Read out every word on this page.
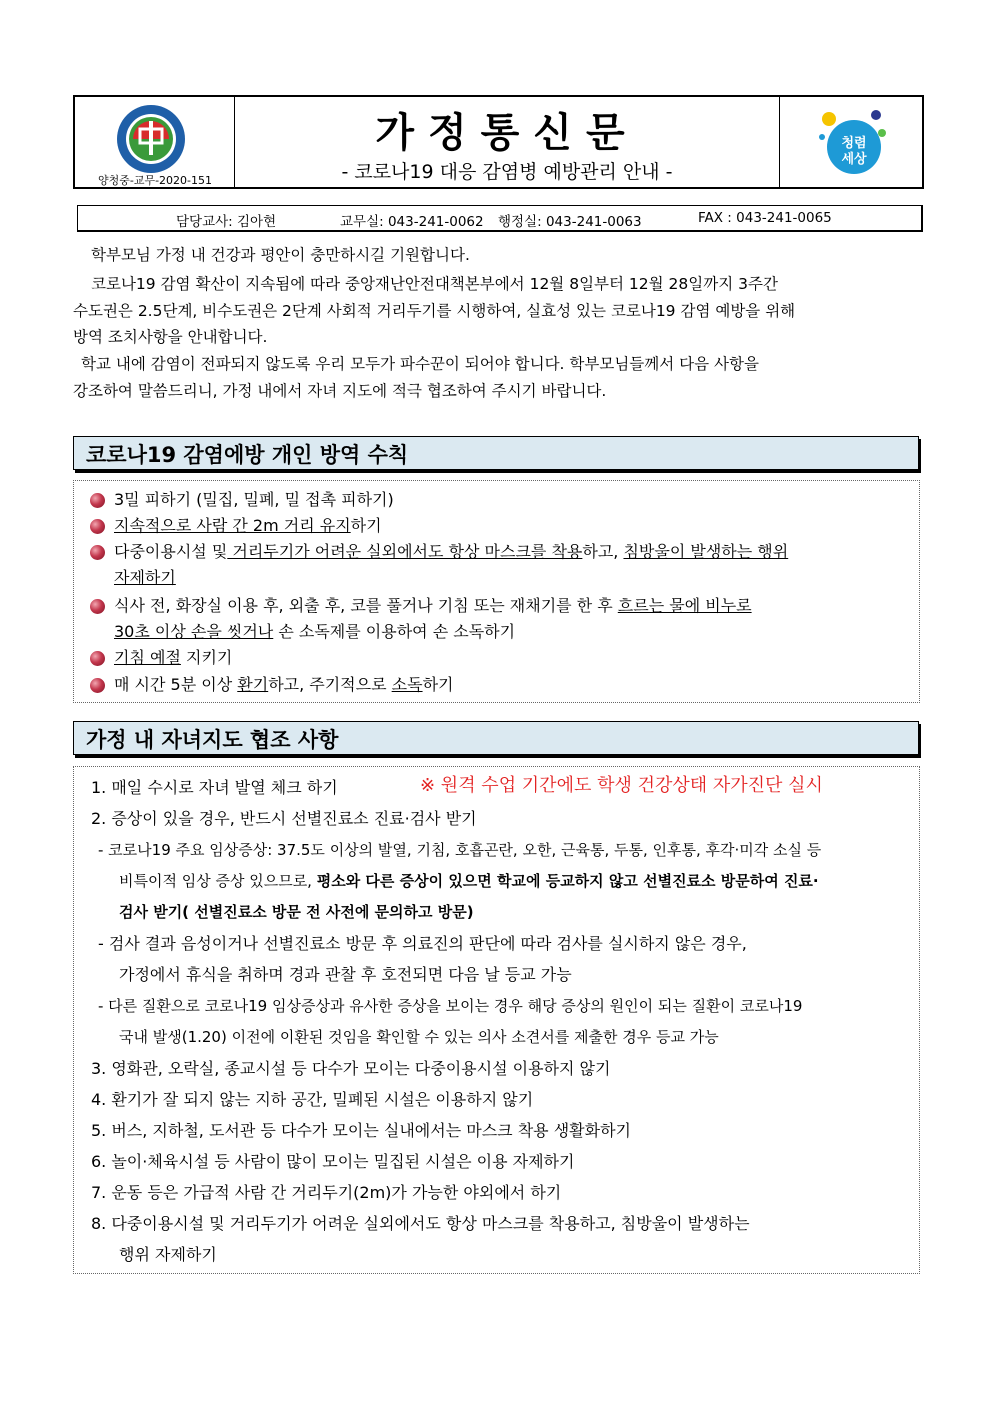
양청중-교무-2020-151
가정통신문
- 코로나19 대응 감염병 예방관리 안내 -
청렴
세상
담당교사: 김아현	교무실: 043-241-0062 행정실: 043-241-0063	FAX : 043-241-0065
학부모님 가정 내 건강과 평안이 충만하시길 기원합니다.
코로나19 감염 확산이 지속됨에 따라 중앙재난안전대책본부에서 12월 8일부터 12월 28일까지 3주간
수도권은 2.5단계, 비수도권은 2단계 사회적 거리두기를 시행하여, 실효성 있는 코로나19 감염 예방을 위해
방역 조치사항을 안내합니다.
학교 내에 감염이 전파되지 않도록 우리 모두가 파수꾼이 되어야 합니다. 학부모님들께서 다음 사항을
강조하여 말씀드리니, 가정 내에서 자녀 지도에 적극 협조하여 주시기 바랍니다.
코로나19 감염에방 개인 방역 수칙
3밀 피하기 (밀집, 밀폐, 밀 접촉 피하기)
지속적으로 사람 간 2m 거리 유지하기
다중이용시설 및 거리두기가 어려운 실외에서도 항상 마스크를 착용하고, 침방울이 발생하는 행위
자제하기
식사 전, 화장실 이용 후, 외출 후, 코를 풀거나 기침 또는 재채기를 한 후 흐르는 물에 비누로
30초 이상 손을 씻거나 손 소독제를 이용하여 손 소독하기
기침 예절 지키기
매 시간 5분 이상 환기하고, 주기적으로 소독하기
가정 내 자녀지도 협조 사항
1. 매일 수시로 자녀 발열 체크 하기	※ 원격 수업 기간에도 학생 건강상태 자가진단 실시
2. 증상이 있을 경우, 반드시 선별진료소 진료·검사 받기
- 코로나19 주요 임상증상: 37.5도 이상의 발열, 기침, 호흡곤란, 오한, 근육통, 두통, 인후통, 후각·미각 소실 등
비특이적 임상 증상 있으므로, 평소와 다른 증상이 있으면 학교에 등교하지 않고 선별진료소 방문하여 진료·
검사 받기( 선별진료소 방문 전 사전에 문의하고 방문)
- 검사 결과 음성이거나 선별진료소 방문 후 의료진의 판단에 따라 검사를 실시하지 않은 경우,
가정에서 휴식을 취하며 경과 관찰 후 호전되면 다음 날 등교 가능
- 다른 질환으로 코로나19 임상증상과 유사한 증상을 보이는 경우 해당 증상의 원인이 되는 질환이 코로나19
국내 발생(1.20) 이전에 이환된 것임을 확인할 수 있는 의사 소견서를 제출한 경우 등교 가능
3. 영화관, 오락실, 종교시설 등 다수가 모이는 다중이용시설 이용하지 않기
4. 환기가 잘 되지 않는 지하 공간, 밀폐된 시설은 이용하지 않기
5. 버스, 지하철, 도서관 등 다수가 모이는 실내에서는 마스크 착용 생활화하기
6. 놀이·체육시설 등 사람이 많이 모이는 밀집된 시설은 이용 자제하기
7. 운동 등은 가급적 사람 간 거리두기(2m)가 가능한 야외에서 하기
8. 다중이용시설 및 거리두기가 어려운 실외에서도 항상 마스크를 착용하고, 침방울이 발생하는
행위 자제하기
